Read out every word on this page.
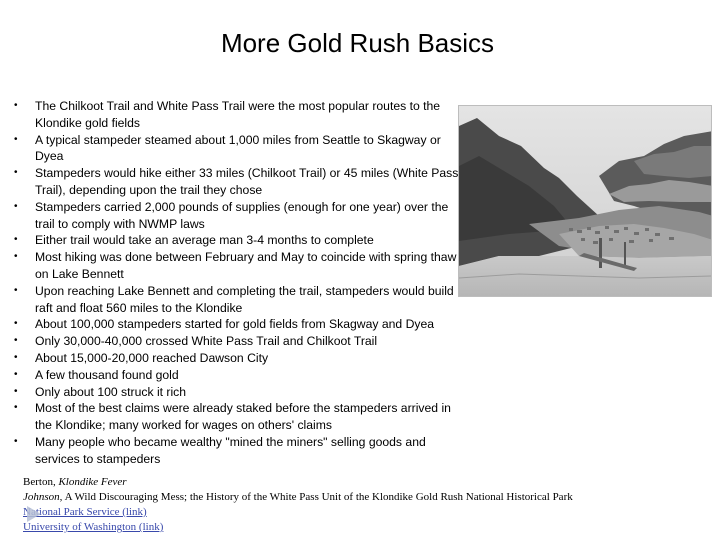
More Gold Rush Basics
• The Chilkoot Trail and White Pass Trail were the most popular routes to the Klondike gold fields
• A typical stampeder steamed about 1,000 miles from Seattle to Skagway or Dyea
• Stampeders would hike either 33 miles (Chilkoot Trail) or 45 miles (White Pass Trail), depending upon the trail they chose
• Stampeders carried 2,000 pounds of supplies (enough for one year) over the trail to comply with NWMP laws
• Either trail would take an average man 3-4 months to complete
• Most hiking was done between February and May to coincide with spring thaw on Lake Bennett
• Upon reaching Lake Bennett and completing the trail, stampeders would build raft and float 560 miles to the Klondike
• About 100,000 stampeders started for gold fields from Skagway and Dyea
• Only 30,000-40,000 crossed White Pass Trail and Chilkoot Trail
• About 15,000-20,000 reached Dawson City
• A few thousand found gold
• Only about 100 struck it rich
• Most of the best claims were already staked before the stampeders arrived in the Klondike; many worked for wages on others' claims
• Many people who became wealthy "mined the miners" selling goods and services to stampeders
Berton, Klondike Fever
Johnson, A Wild Discouraging Mess; the History of the White Pass Unit of the Klondike Gold Rush National Historical Park
National Park Service (link)
University of Washington (link)
